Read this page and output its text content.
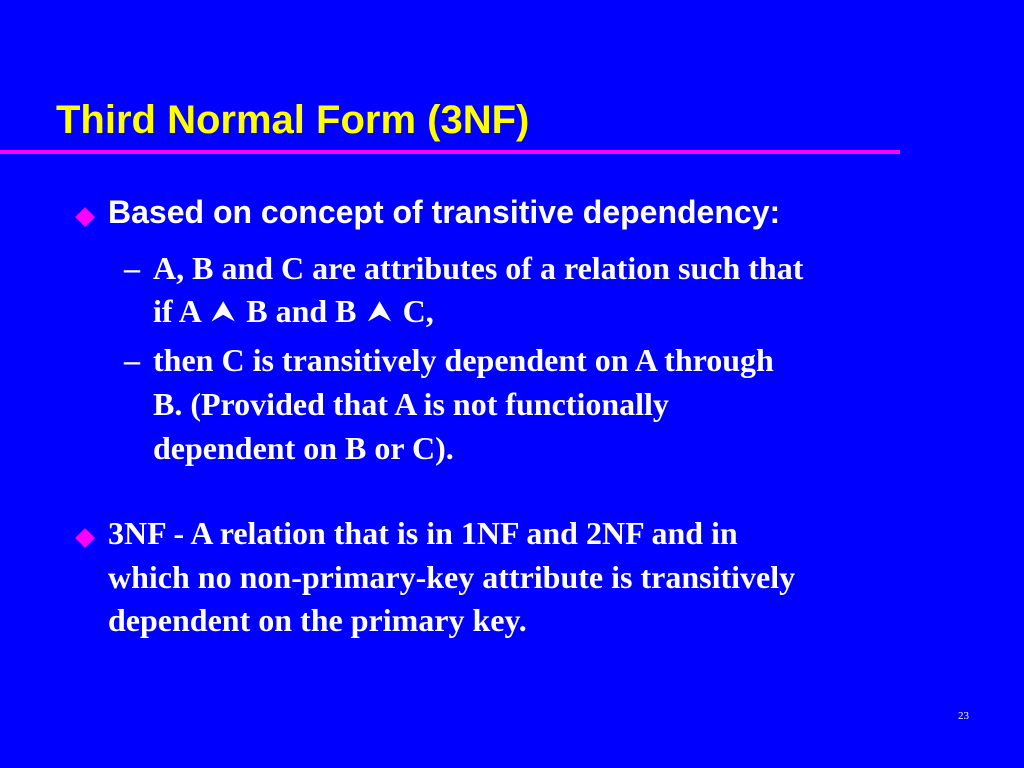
Third Normal Form (3NF)
Based on concept of transitive dependency:
– A, B and C are attributes of a relation such that
if A ⮝ B and B ⮝ C,
– then C is transitively dependent on A through
B. (Provided that A is not functionally
dependent on B or C).
3NF - A relation that is in 1NF and 2NF and in
which no non-primary-key attribute is transitively
dependent on the primary key.
23
